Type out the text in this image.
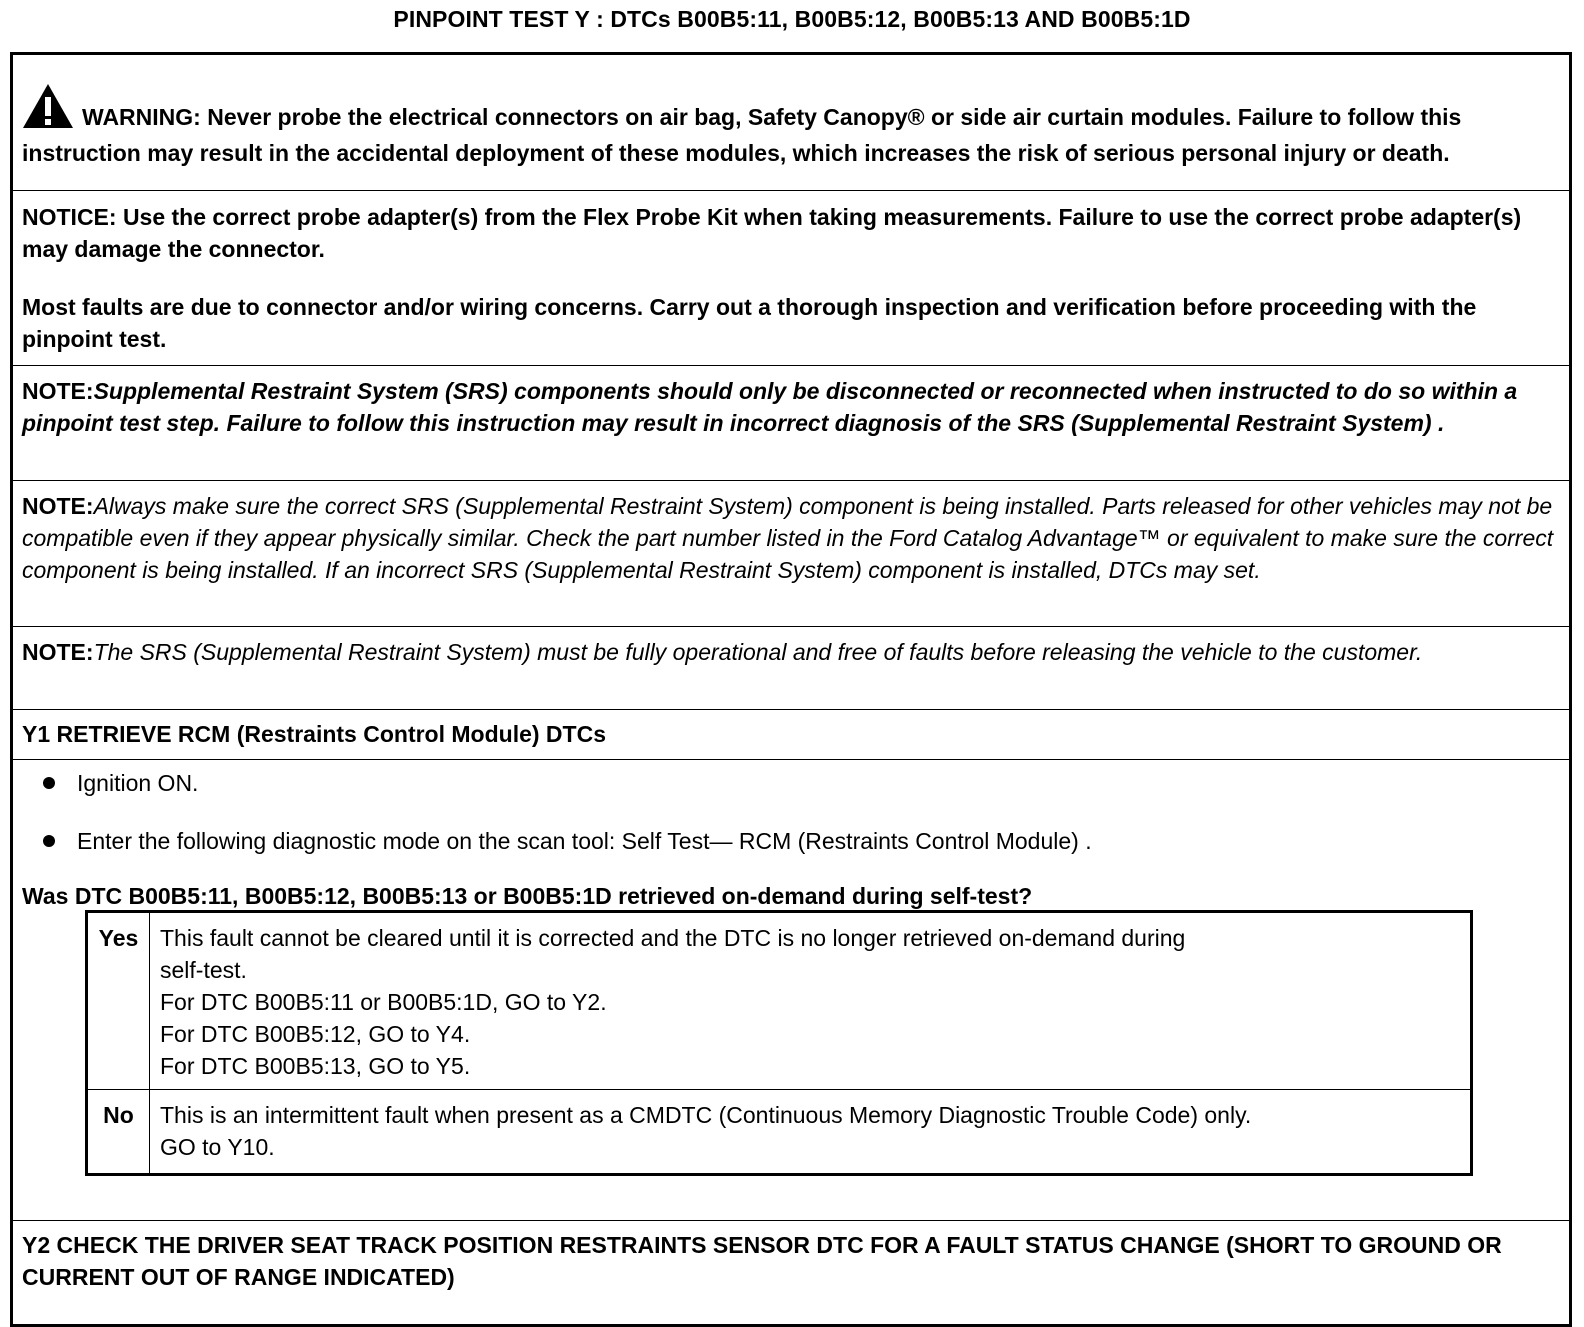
PINPOINT TEST Y : DTCs B00B5:11, B00B5:12, B00B5:13 AND B00B5:1D
WARNING: Never probe the electrical connectors on air bag, Safety Canopy® or side air curtain modules. Failure to follow this instruction may result in the accidental deployment of these modules, which increases the risk of serious personal injury or death.
NOTICE: Use the correct probe adapter(s) from the Flex Probe Kit when taking measurements. Failure to use the correct probe adapter(s) may damage the connector.
Most faults are due to connector and/or wiring concerns. Carry out a thorough inspection and verification before proceeding with the pinpoint test.
NOTE:Supplemental Restraint System (SRS) components should only be disconnected or reconnected when instructed to do so within a pinpoint test step. Failure to follow this instruction may result in incorrect diagnosis of the SRS (Supplemental Restraint System) .
NOTE:Always make sure the correct SRS (Supplemental Restraint System) component is being installed. Parts released for other vehicles may not be compatible even if they appear physically similar. Check the part number listed in the Ford Catalog Advantage™ or equivalent to make sure the correct component is being installed. If an incorrect SRS (Supplemental Restraint System) component is installed, DTCs may set.
NOTE:The SRS (Supplemental Restraint System) must be fully operational and free of faults before releasing the vehicle to the customer.
Y1 RETRIEVE RCM (Restraints Control Module) DTCs
Ignition ON.
Enter the following diagnostic mode on the scan tool: Self Test— RCM (Restraints Control Module) .
Was DTC B00B5:11, B00B5:12, B00B5:13 or B00B5:1D retrieved on-demand during self-test?
Y2 CHECK THE DRIVER SEAT TRACK POSITION RESTRAINTS SENSOR DTC FOR A FAULT STATUS CHANGE (SHORT TO GROUND OR CURRENT OUT OF RANGE INDICATED)
Yes This fault cannot be cleared until it is corrected and the DTC is no longer retrieved on-demand during
self-test.
For DTC B00B5:11 or B00B5:1D, GO to Y2.
For DTC B00B5:12, GO to Y4.
For DTC B00B5:13, GO to Y5.
No	This is an intermittent fault when present as a CMDTC (Continuous Memory Diagnostic Trouble Code) only.
GO to Y10.
